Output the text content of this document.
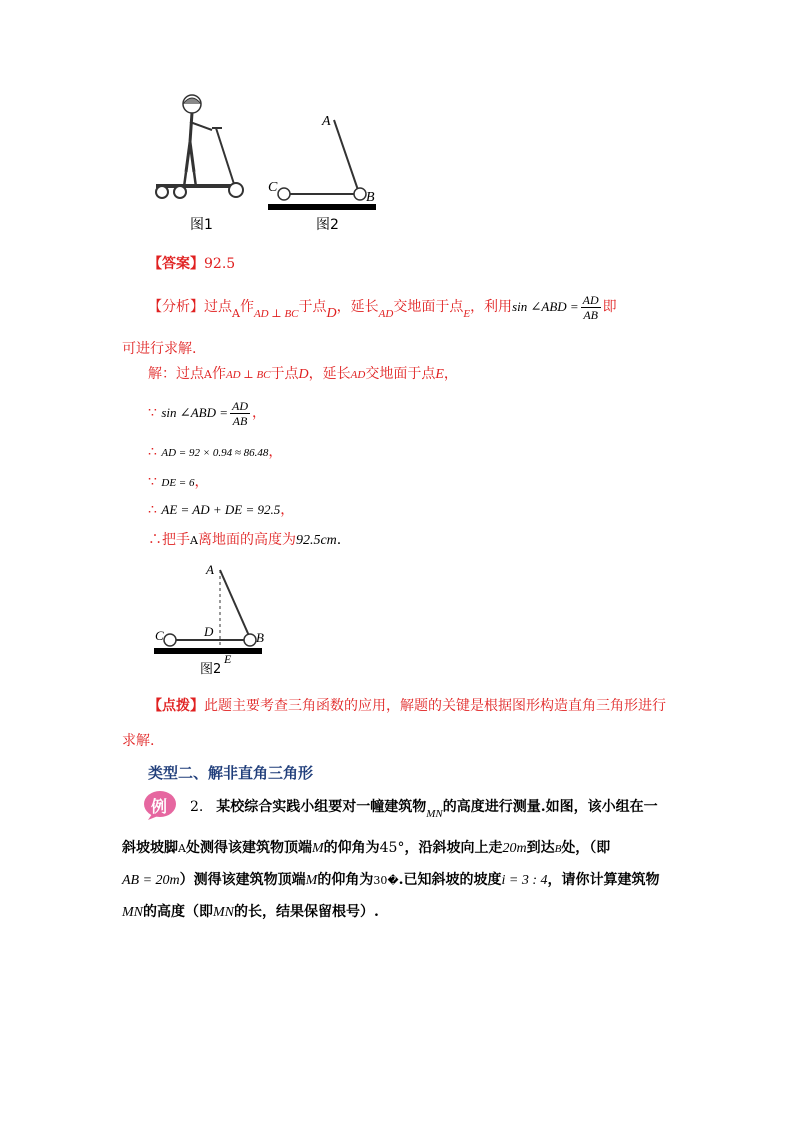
图1
A
C
B
图2
【答案】92.5
【分析】过点$_A$作$_{AD \perp BC}$于点D，延长$_{AD}$交地面于点$_E$，利用sin ∠ABD = $\frac{AD}{AB}$ 即
可进行求解.
解：过点A作AD ⊥ BC于点D，延长AD交地面于点E，
∵ sin ∠ABD = $\frac{AD}{AB}$ ，
∴ AD = 92 × 0.94 ≈ 86.48，
∵ DE = 6，
∴ AE = AD + DE = 92.5，
∴把手A离地面的高度为92.5cm.
A
D
C	B
图2
E
【点拨】此题主要考查三角函数的应用，解题的关键是根据图形构造直角三角形进行
求解.
类型二、解非直角三角形
例 2. 某校综合实践小组要对一幢建筑物$_{MN}$的高度进行测量.如图，该小组在一
斜坡坡脚A处测得该建筑物顶端M的仰角为45°，沿斜坡向上走20m到达B处，（即
AB = 20m）测得该建筑物顶端M的仰角为30�.已知斜坡的坡度i = 3 : 4，请你计算建筑物
MN的高度（即MN的长，结果保留根号）.
